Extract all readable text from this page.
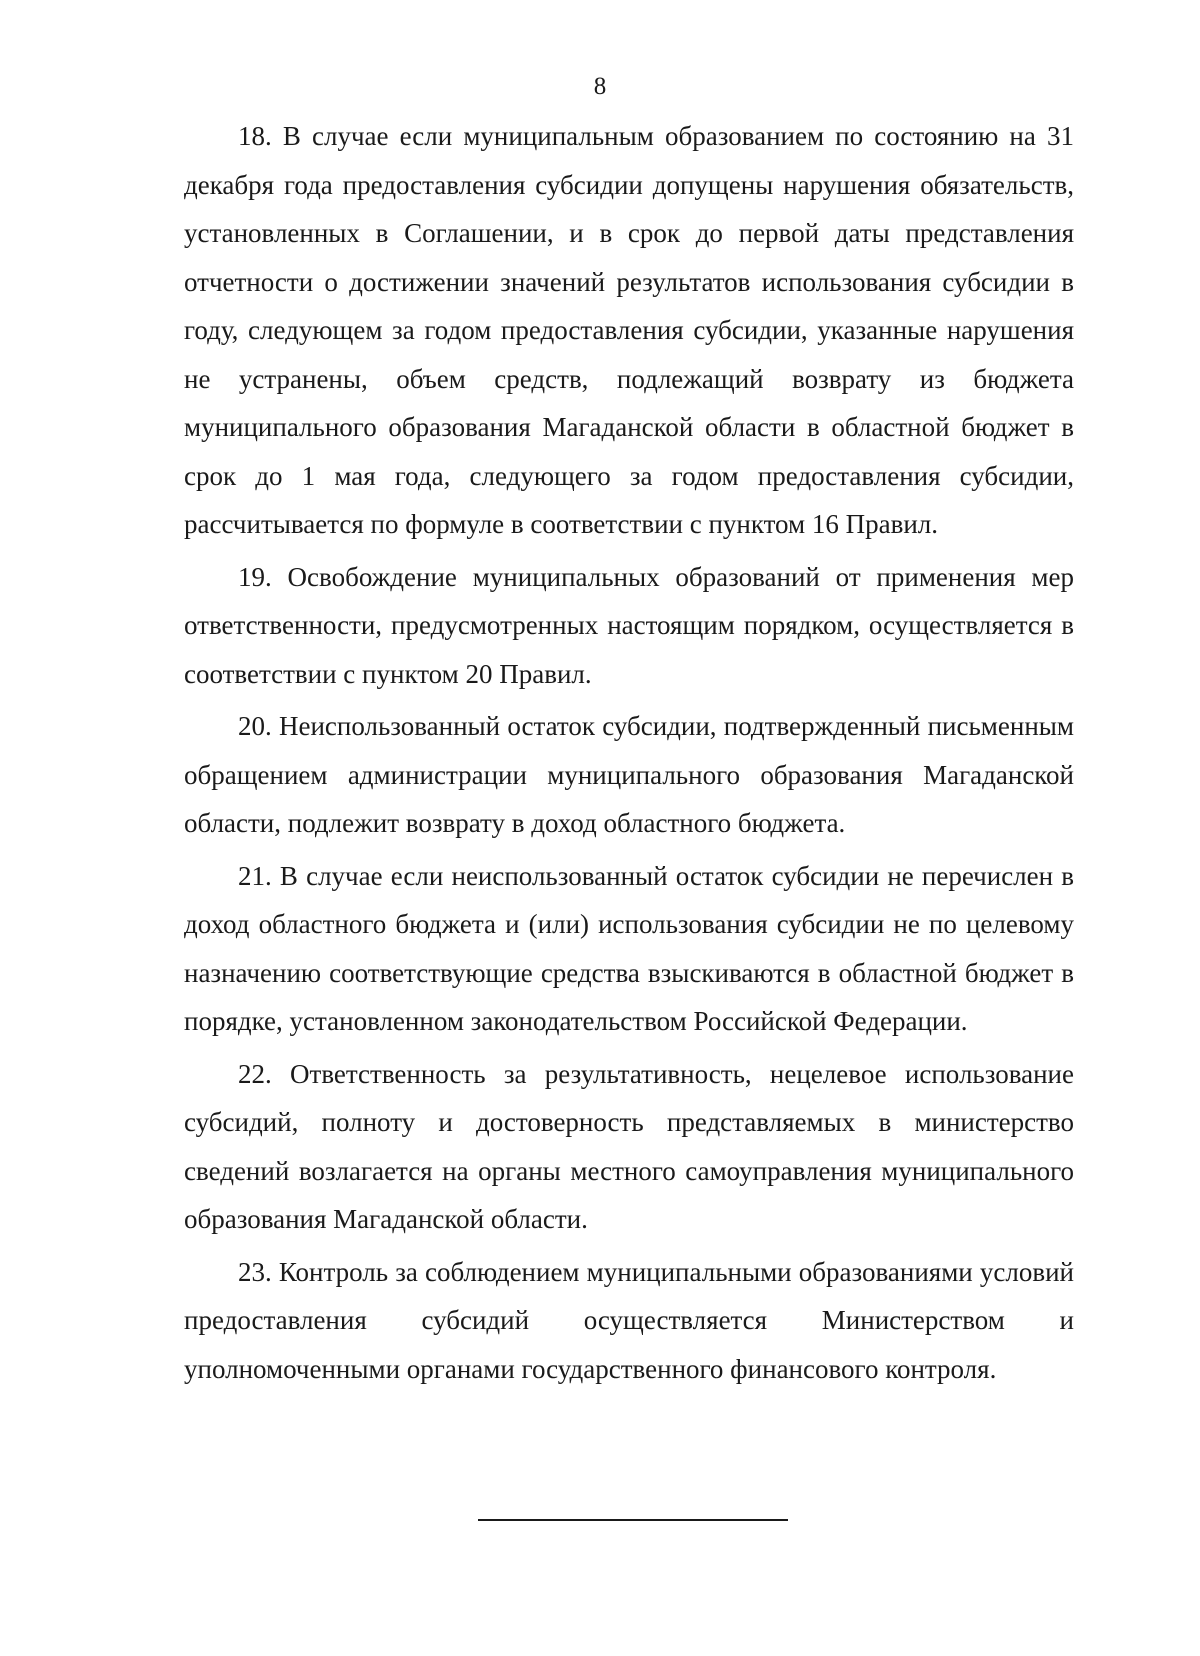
8

18. В случае если муниципальным образованием по состоянию на 31 декабря года предоставления субсидии допущены нарушения обязательств, установленных в Соглашении, и в срок до первой даты представления отчетности о достижении значений результатов использования субсидии в году, следующем за годом предоставления субсидии, указанные нарушения не устранены, объем средств, подлежащий возврату из бюджета муниципального образования Магаданской области в областной бюджет в срок до 1 мая года, следующего за годом предоставления субсидии, рассчитывается по формуле в соответствии с пунктом 16 Правил.

19. Освобождение муниципальных образований от применения мер ответственности, предусмотренных настоящим порядком, осуществляется в соответствии с пунктом 20 Правил.

20. Неиспользованный остаток субсидии, подтвержденный письменным обращением администрации муниципального образования Магаданской области, подлежит возврату в доход областного бюджета.

21. В случае если неиспользованный остаток субсидии не перечислен в доход областного бюджета и (или) использования субсидии не по целевому назначению соответствующие средства взыскиваются в областной бюджет в порядке, установленном законодательством Российской Федерации.

22. Ответственность за результативность, нецелевое использование субсидий, полноту и достоверность представляемых в министерство сведений возлагается на органы местного самоуправления муниципального образования Магаданской области.

23. Контроль за соблюдением муниципальными образованиями условий предоставления субсидий осуществляется Министерством и уполномоченными органами государственного финансового контроля.
